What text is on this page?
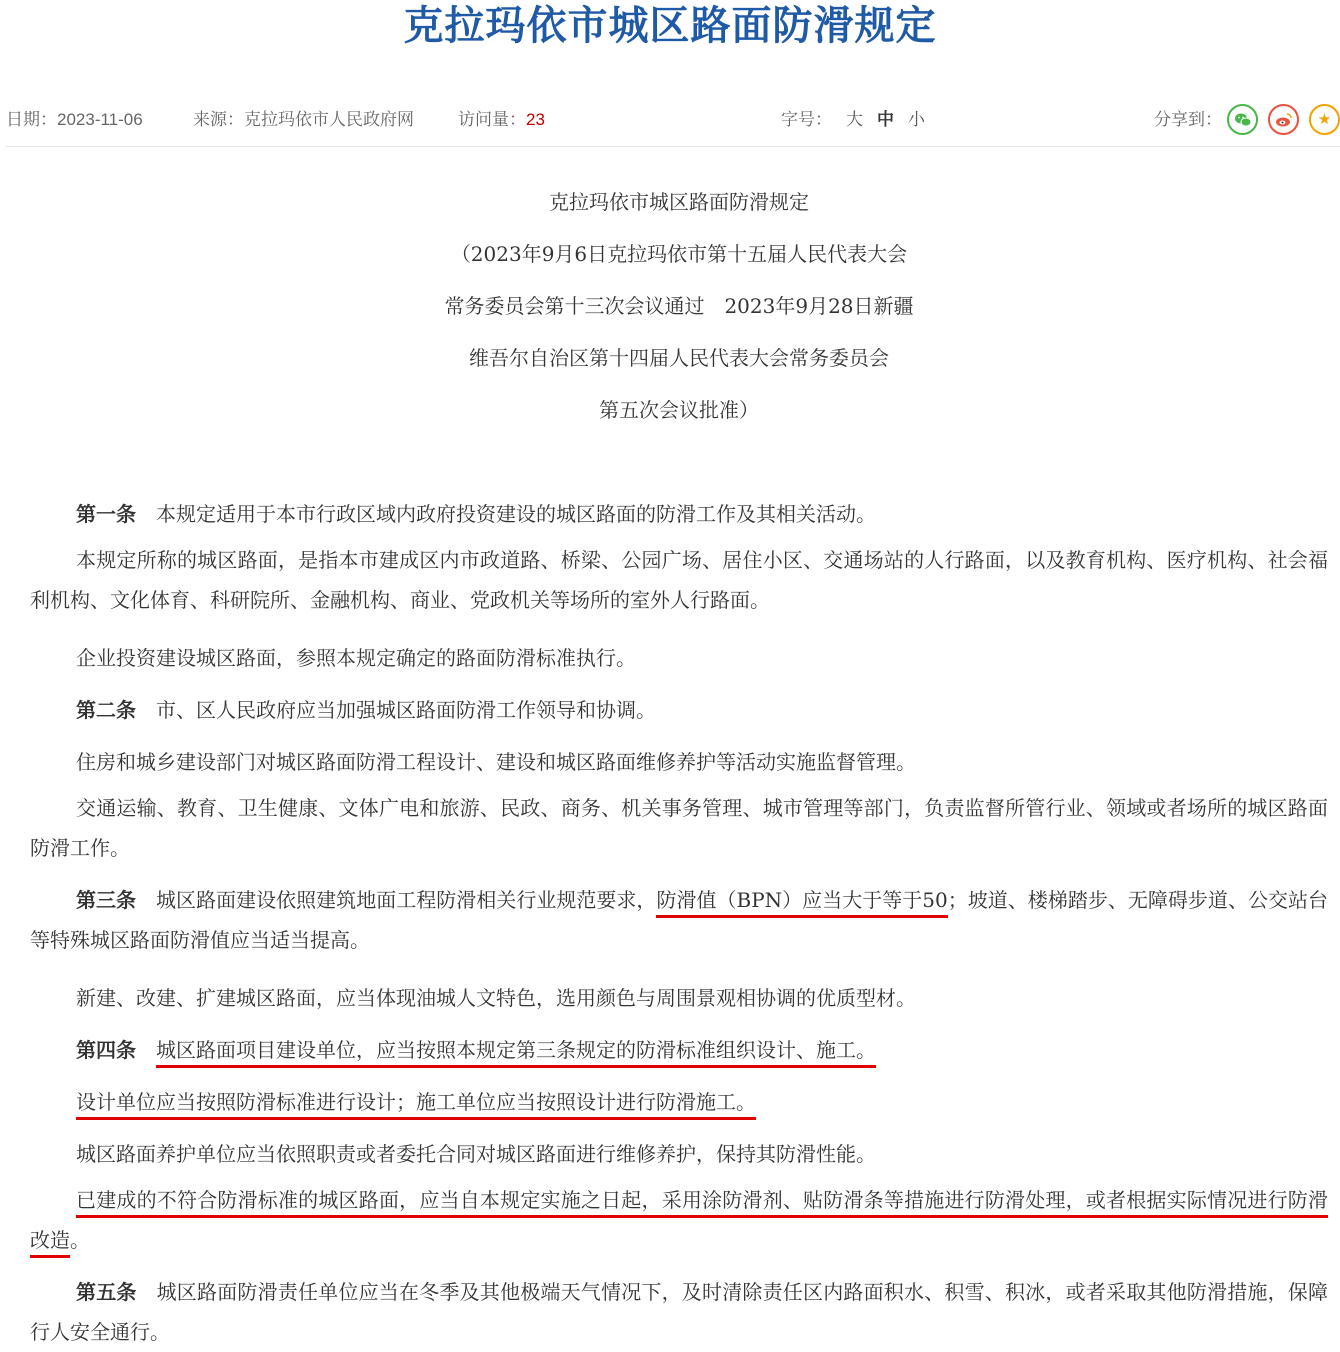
克拉玛依市城区路面防滑规定
日期：2023-11-06	来源：克拉玛依市人民政府网	访问量：23	字号： 大 中 小	分享到：	★
克拉玛依市城区路面防滑规定
（2023年9月6日克拉玛依市第十五届人民代表大会
常务委员会第十三次会议通过　2023年9月28日新疆
维吾尔自治区第十四届人民代表大会常务委员会
第五次会议批准）

第一条 本规定适用于本市行政区域内政府投资建设的城区路面的防滑工作及其相关活动。

本规定所称的城区路面，是指本市建成区内市政道路、桥梁、公园广场、居住小区、交通场站的人行路面，以及教育机构、医疗机构、社会福利机构、文化体育、科研院所、金融机构、商业、党政机关等场所的室外人行路面。

企业投资建设城区路面，参照本规定确定的路面防滑标准执行。

第二条 市、区人民政府应当加强城区路面防滑工作领导和协调。

住房和城乡建设部门对城区路面防滑工程设计、建设和城区路面维修养护等活动实施监督管理。

交通运输、教育、卫生健康、文体广电和旅游、民政、商务、机关事务管理、城市管理等部门，负责监督所管行业、领域或者场所的城区路面防滑工作。

第三条 城区路面建设依照建筑地面工程防滑相关行业规范要求，防滑值（BPN）应当大于等于50；坡道、楼梯踏步、无障碍步道、公交站台等特殊城区路面防滑值应当适当提高。

新建、改建、扩建城区路面，应当体现油城人文特色，选用颜色与周围景观相协调的优质型材。

第四条 城区路面项目建设单位，应当按照本规定第三条规定的防滑标准组织设计、施工。

设计单位应当按照防滑标准进行设计；施工单位应当按照设计进行防滑施工。

城区路面养护单位应当依照职责或者委托合同对城区路面进行维修养护，保持其防滑性能。

已建成的不符合防滑标准的城区路面，应当自本规定实施之日起，采用涂防滑剂、贴防滑条等措施进行防滑处理，或者根据实际情况进行防滑改造。

第五条 城区路面防滑责任单位应当在冬季及其他极端天气情况下，及时清除责任区内路面积水、积雪、积冰，或者采取其他防滑措施，保障行人安全通行。
